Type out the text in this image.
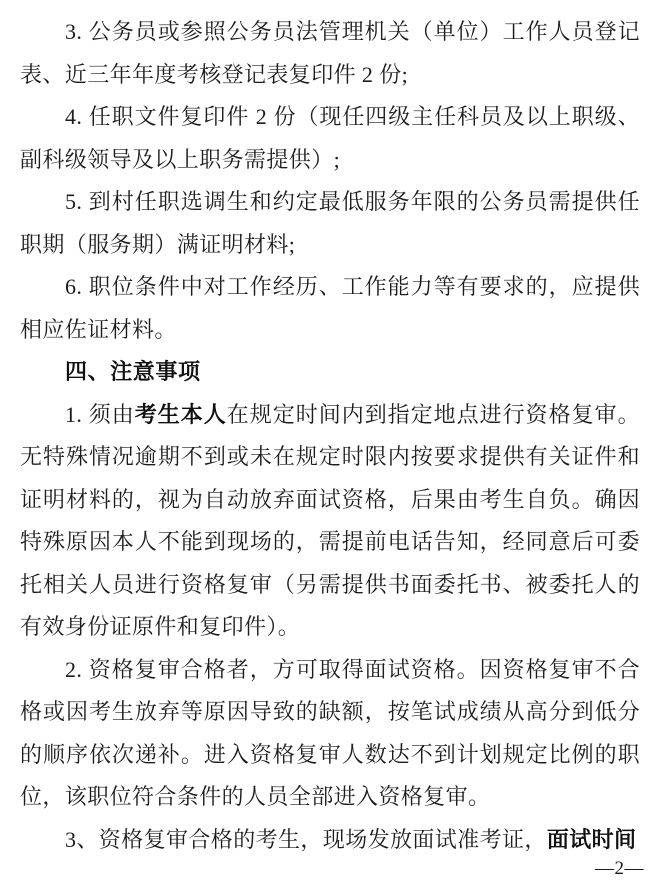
3. 公务员或参照公务员法管理机关（单位）工作人员登记表、近三年年度考核登记表复印件 2 份;

4. 任职文件复印件 2 份（现任四级主任科员及以上职级、副科级领导及以上职务需提供）;

5. 到村任职选调生和约定最低服务年限的公务员需提供任职期（服务期）满证明材料;

6. 职位条件中对工作经历、工作能力等有要求的，应提供相应佐证材料。

四、注意事项

1. 须由考生本人在规定时间内到指定地点进行资格复审。无特殊情况逾期不到或未在规定时限内按要求提供有关证件和证明材料的，视为自动放弃面试资格，后果由考生自负。确因特殊原因本人不能到现场的，需提前电话告知，经同意后可委托相关人员进行资格复审（另需提供书面委托书、被委托人的有效身份证原件和复印件）。

2. 资格复审合格者，方可取得面试资格。因资格复审不合格或因考生放弃等原因导致的缺额，按笔试成绩从高分到低分的顺序依次递补。进入资格复审人数达不到计划规定比例的职位，该职位符合条件的人员全部进入资格复审。

3、资格复审合格的考生，现场发放面试准考证，面试时间

—2—
